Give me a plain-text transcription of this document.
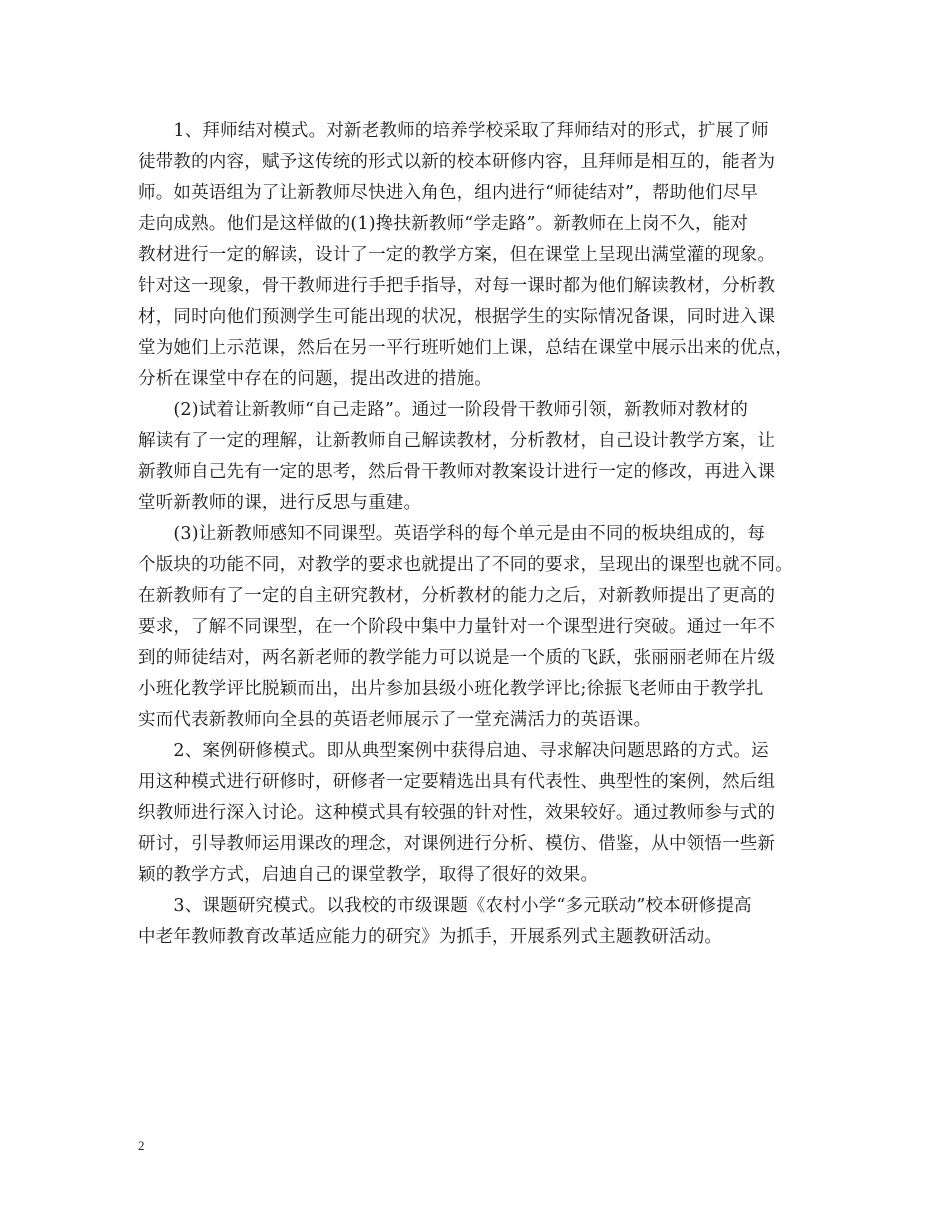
　　1、拜师结对模式。对新老教师的培养学校采取了拜师结对的形式，扩展了师
徒带教的内容，赋予这传统的形式以新的校本研修内容，且拜师是相互的，能者为
师。如英语组为了让新教师尽快进入角色，组内进行“师徒结对”，帮助他们尽早
走向成熟。他们是这样做的(1)搀扶新教师“学走路”。新教师在上岗不久，能对
教材进行一定的解读，设计了一定的教学方案，但在课堂上呈现出满堂灌的现象。
针对这一现象，骨干教师进行手把手指导，对每一课时都为他们解读教材，分析教
材，同时向他们预测学生可能出现的状况，根据学生的实际情况备课，同时进入课
堂为她们上示范课，然后在另一平行班听她们上课，总结在课堂中展示出来的优点，
分析在课堂中存在的问题，提出改进的措施。

　　(2)试着让新教师“自己走路”。通过一阶段骨干教师引领，新教师对教材的
解读有了一定的理解，让新教师自己解读教材，分析教材，自己设计教学方案，让
新教师自己先有一定的思考，然后骨干教师对教案设计进行一定的修改，再进入课
堂听新教师的课，进行反思与重建。

　　(3)让新教师感知不同课型。英语学科的每个单元是由不同的板块组成的，每
个版块的功能不同，对教学的要求也就提出了不同的要求，呈现出的课型也就不同。
在新教师有了一定的自主研究教材，分析教材的能力之后，对新教师提出了更高的
要求，了解不同课型，在一个阶段中集中力量针对一个课型进行突破。通过一年不
到的师徒结对，两名新老师的教学能力可以说是一个质的飞跃，张丽丽老师在片级
小班化教学评比脱颖而出，出片参加县级小班化教学评比;徐振飞老师由于教学扎
实而代表新教师向全县的英语老师展示了一堂充满活力的英语课。

　　2、案例研修模式。即从典型案例中获得启迪、寻求解决问题思路的方式。运
用这种模式进行研修时，研修者一定要精选出具有代表性、典型性的案例，然后组
织教师进行深入讨论。这种模式具有较强的针对性，效果较好。通过教师参与式的
研讨，引导教师运用课改的理念，对课例进行分析、模仿、借鉴，从中领悟一些新
颖的教学方式，启迪自己的课堂教学，取得了很好的效果。

　　3、课题研究模式。以我校的市级课题《农村小学“多元联动”校本研修提高
中老年教师教育改革适应能力的研究》为抓手，开展系列式主题教研活动。

2
